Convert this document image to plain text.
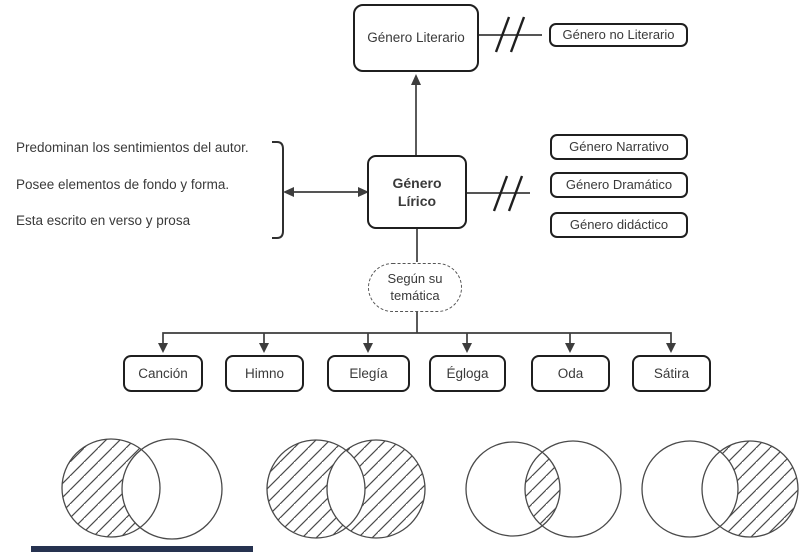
Género Literario	Género no Literario
Género
Lírico
Género Narrativo
Género Dramático
Género didáctico
Según su
temática
Canción	Himno	Elegía	Égloga	Oda	Sátira
Predominan los sentimientos del autor.
Posee elementos de fondo y forma.
Esta escrito en verso y prosa
